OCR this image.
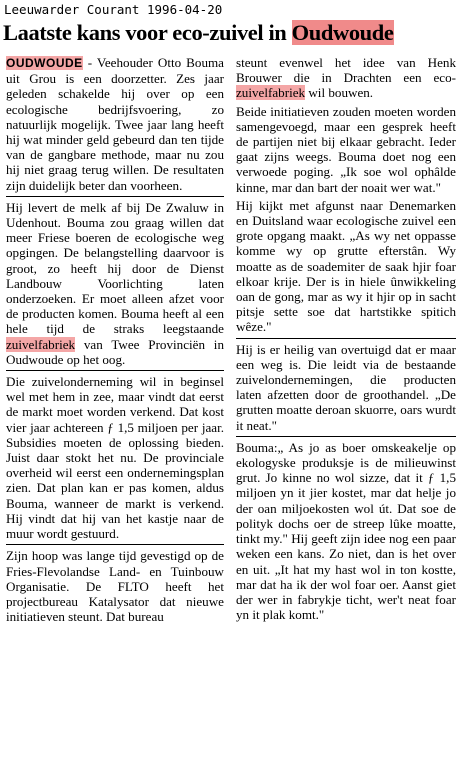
Leeuwarder Courant 1996-04-20
Laatste kans voor eco-zuivel in Oudwoude

OUDWOUDE - Veehouder Otto Bouma uit Grou is een doorzetter. Zes jaar geleden schakelde hij over op een ecologische bedrijfsvoering, zo natuurlijk mogelijk. Twee jaar lang heeft hij wat minder geld gebeurd dan ten tijde van de gangbare methode, maar nu zou hij niet graag terug willen. De resultaten zijn duidelijk beter dan voorheen.

Hij levert de melk af bij De Zwaluw in Udenhout. Bouma zou graag willen dat meer Friese boeren de ecologische weg opgingen. De belangstelling daarvoor is groot, zo heeft hij door de Dienst Landbouw Voorlichting laten onderzoeken. Er moet alleen afzet voor de producten komen. Bouma heeft al een hele tijd de straks leegstaande zuivelfabriek van Twee Provinciën in Oudwoude op het oog.

Die zuivelonderneming wil in beginsel wel met hem in zee, maar vindt dat eerst de markt moet worden verkend. Dat kost vier jaar achtereen ƒ 1,5 miljoen per jaar. Subsidies moeten de oplossing bieden. Juist daar stokt het nu. De provinciale overheid wil eerst een ondernemingsplan zien. Dat plan kan er pas komen, aldus Bouma, wanneer de markt is verkend. Hij vindt dat hij van het kastje naar de muur wordt gestuurd.

Zijn hoop was lange tijd gevestigd op de Fries-Flevolandse Land- en Tuinbouw Organisatie. De FLTO heeft het projectbureau Katalysator dat nieuwe initiatieven steunt. Dat bureau

steunt evenwel het idee van Henk Brouwer die in Drachten een eco-zuivelfabriek wil bouwen.

Beide initiatieven zouden moeten worden samengevoegd, maar een gesprek heeft de partijen niet bij elkaar gebracht. Ieder gaat zijns weegs. Bouma doet nog een verwoede poging. „Ik soe wol ophâlde kinne, mar dan bart der noait wer wat."

Hij kijkt met afgunst naar Denemarken en Duitsland waar ecologische zuivel een grote opgang maakt. „As wy net oppasse komme wy op grutte efterstân. Wy moatte as de soademiter de saak hjir foar elkoar krije. Der is in hiele ûnwikkeling oan de gong, mar as wy it hjir op in sacht pitsje sette soe dat hartstikke spitich wêze."

Hij is er heilig van overtuigd dat er maar een weg is. Die leidt via de bestaande zuivelondernemingen, die producten laten afzetten door de groothandel. „De grutten moatte deroan skuorre, oars wurdt it neat."

Bouma:„ As jo as boer omskeakelje op ekologyske produksje is de milieuwinst grut. Jo kinne no wol sizze, dat it ƒ 1,5 miljoen yn it jier kostet, mar dat helje jo der oan miljoekosten wol út. Dat soe de polityk dochs oer de streep lûke moatte, tinkt my." Hij geeft zijn idee nog een paar weken een kans. Zo niet, dan is het over en uit. „It hat my hast wol in ton kostte, mar dat ha ik der wol foar oer. Aanst giet der wer in fabrykje ticht, wer't neat foar yn it plak komt."
